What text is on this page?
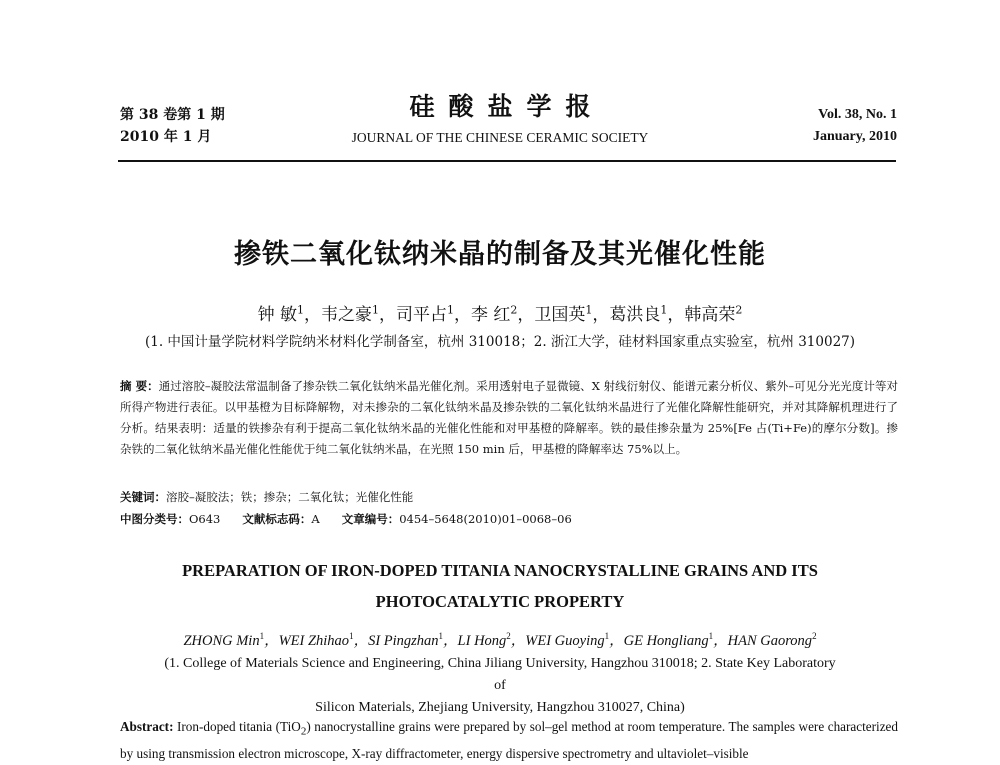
第 38 卷第 1 期
2010 年 1 月
硅酸盐学报
JOURNAL OF THE CHINESE CERAMIC SOCIETY
Vol. 38, No. 1
January, 2010
掺铁二氧化钛纳米晶的制备及其光催化性能
钟 敏$^1$，韦之豪$^1$，司平占$^1$，李 红$^2$，卫国英$^1$，葛洪良$^1$，韩高荣$^2$
(1. 中国计量学院材料学院纳米材料化学制备室，杭州 310018；2. 浙江大学，硅材料国家重点实验室，杭州 310027)
摘 要：通过溶胶–凝胶法常温制备了掺杂铁二氧化钛纳米晶光催化剂。采用透射电子显微镜、X 射线衍射仪、能谱元素分析仪、紫外–可见分光光度计等对所得产物进行表征。以甲基橙为目标降解物，对未掺杂的二氧化钛纳米晶及掺杂铁的二氧化钛纳米晶进行了光催化降解性能研究，并对其降解机理进行了分析。结果表明：适量的铁掺杂有利于提高二氧化钛纳米晶的光催化性能和对甲基橙的降解率。铁的最佳掺杂量为 25%[Fe 占(Ti+Fe)的摩尔分数]。掺杂铁的二氧化钛纳米晶光催化性能优于纯二氧化钛纳米晶，在光照 150 min 后，甲基橙的降解率达 75%以上。
关键词：溶胶–凝胶法；铁；掺杂；二氧化钛；光催化性能
中图分类号：O643 文献标志码：A 文章编号：0454–5648(2010)01–0068–06
PREPARATION OF IRON-DOPED TITANIA NANOCRYSTALLINE GRAINS AND ITS
PHOTOCATALYTIC PROPERTY
ZHONG Min$^1$，WEI Zhihao$^1$，SI Pingzhan$^1$，LI Hong$^2$，WEI Guoying$^1$，GE Hongliang$^1$，HAN Gaorong$^2$
(1. College of Materials Science and Engineering, China Jiliang University, Hangzhou 310018; 2. State Key Laboratory of
Silicon Materials, Zhejiang University, Hangzhou 310027, China)
Abstract: Iron-doped titania (TiO$_2$) nanocrystalline grains were prepared by sol–gel method at room temperature. The samples were characterized by using transmission electron microscope, X-ray diffractometer, energy dispersive spectrometry and ultaviolet–visible
